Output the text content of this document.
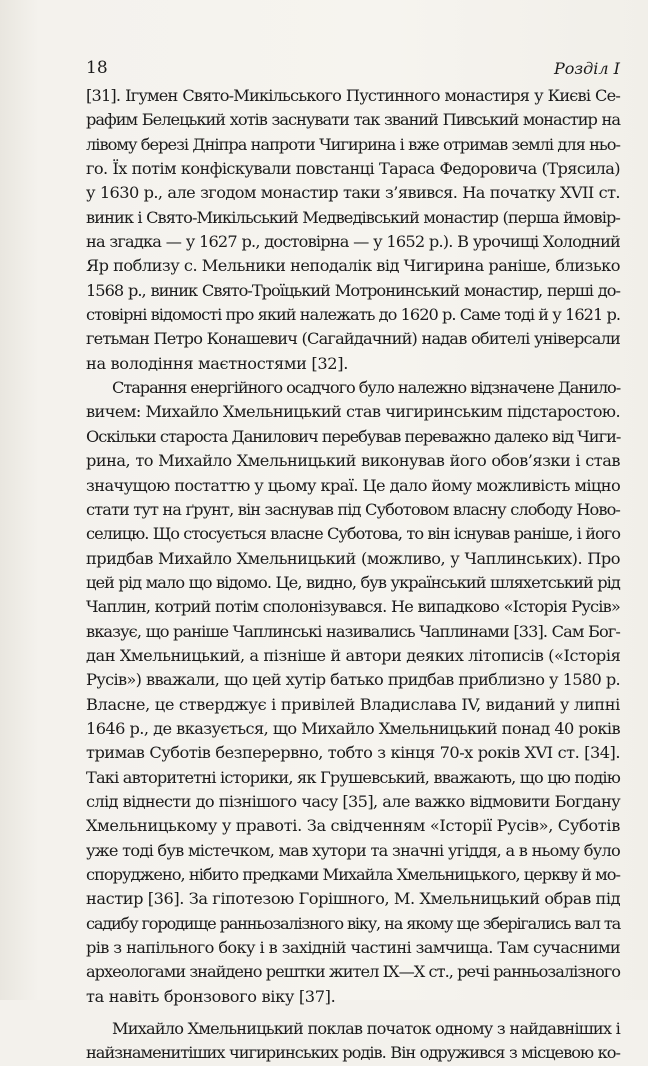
18	Розділ І
[31]. Ігумен Свято-Микільського Пустинного монастиря у Києві Се-
рафим Белецький хотів заснувати так званий Пивський монастир на
лівому березі Дніпра напроти Чигирина і вже отримав землі для ньо-
го. Їх потім конфіскували повстанці Тараса Федоровича (Трясила)
у 1630 р., але згодом монастир таки з’явився. На початку XVII ст.
виник і Свято-Микільський Медведівський монастир (перша ймовір-
на згадка — у 1627 р., достовірна — у 1652 р.). В урочищі Холодний
Яр поблизу с. Мельники неподалік від Чигирина раніше, близько
1568 р., виник Свято-Троїцький Мотронинський монастир, перші до-
стовірні відомості про який належать до 1620 р. Саме тоді й у 1621 р.
гетьман Петро Конашевич (Сагайдачний) надав обителі універсали
на володіння маєтностями [32].
Старання енергійного осадчого було належно відзначене Данило-
вичем: Михайло Хмельницький став чигиринським підстаростою.
Оскільки староста Данилович перебував переважно далеко від Чиги-
рина, то Михайло Хмельницький виконував його обов’язки і став
значущою постаттю у цьому краї. Це дало йому можливість міцно
стати тут на ґрунт, він заснував під Суботовом власну слободу Ново-
селицю. Що стосується власне Суботова, то він існував раніше, і його
придбав Михайло Хмельницький (можливо, у Чаплинських). Про
цей рід мало що відомо. Це, видно, був український шляхетський рід
Чаплин, котрий потім сполонізувався. Не випадково «Історія Русів»
вказує, що раніше Чаплинські називались Чаплинами [33]. Сам Бог-
дан Хмельницький, а пізніше й автори деяких літописів («Історія
Русів») вважали, що цей хутір батько придбав приблизно у 1580 р.
Власне, це стверджує і привілей Владислава IV, виданий у липні
1646 р., де вказується, що Михайло Хмельницький понад 40 років
тримав Суботів безперервно, тобто з кінця 70-х років XVI ст. [34].
Такі авторитетні історики, як Грушевський, вважають, що цю подію
слід віднести до пізнішого часу [35], але важко відмовити Богдану
Хмельницькому у правоті. За свідченням «Історії Русів», Суботів
уже тоді був містечком, мав хутори та значні угіддя, а в ньому було
споруджено, нібито предками Михайла Хмельницького, церкву й мо-
настир [36]. За гіпотезою Горішного, М. Хмельницький обрав під
садибу городище ранньозалізного віку, на якому ще зберігались вал та
рів з напільного боку і в західній частині замчища. Там сучасними
археологами знайдено рештки жител IX—X ст., речі ранньозалізного
та навіть бронзового віку [37].
Михайло Хмельницький поклав початок одному з найдавніших і
найзнаменитіших чигиринських родів. Він одружився з місцевою ко-
